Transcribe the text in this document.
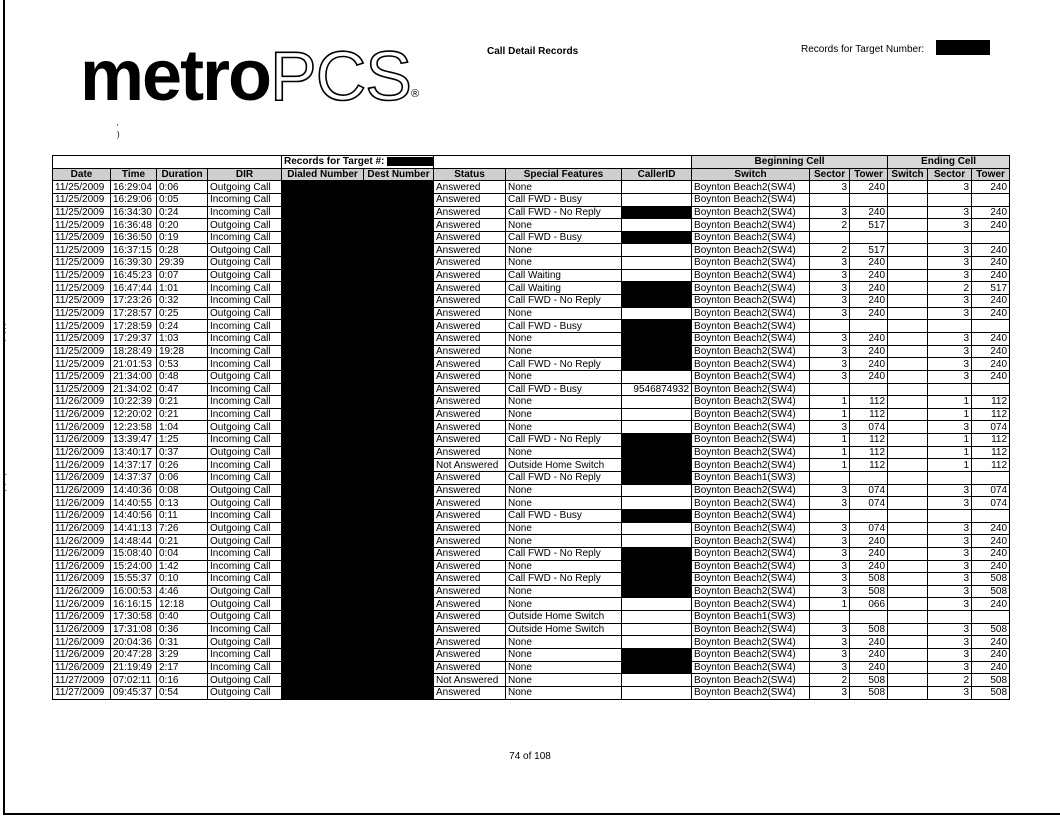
metroPCS®
Call Detail Records	Records for Target Number:
'
)
.
:
.
-
.
-
				Records for Target #:					Beginning Cell			Ending Cell		
Date	Time	Duration	DIR	Dialed Number	Dest Number	Status	Special Features	CallerID	Switch	Sector	Tower	Switch	Sector	Tower
11/25/2009	16:29:04	0:06	Outgoing Call			Answered	None		Boynton Beach2(SW4)	3	240		3	240
11/25/2009	16:29:06	0:05	Incoming Call			Answered	Call FWD - Busy		Boynton Beach2(SW4)					
11/25/2009	16:34:30	0:24	Incoming Call			Answered	Call FWD - No Reply		Boynton Beach2(SW4)	3	240		3	240
11/25/2009	16:36:48	0:20	Outgoing Call			Answered	None		Boynton Beach2(SW4)	2	517		3	240
11/25/2009	16:36:50	0:19	Incoming Call			Answered	Call FWD - Busy		Boynton Beach2(SW4)					
11/25/2009	16:37:15	0:28	Outgoing Call			Answered	None		Boynton Beach2(SW4)	2	517		3	240
11/25/2009	16:39:30	29:39	Outgoing Call			Answered	None		Boynton Beach2(SW4)	3	240		3	240
11/25/2009	16:45:23	0:07	Outgoing Call			Answered	Call Waiting		Boynton Beach2(SW4)	3	240		3	240
11/25/2009	16:47:44	1:01	Incoming Call			Answered	Call Waiting		Boynton Beach2(SW4)	3	240		2	517
11/25/2009	17:23:26	0:32	Incoming Call			Answered	Call FWD - No Reply		Boynton Beach2(SW4)	3	240		3	240
11/25/2009	17:28:57	0:25	Outgoing Call			Answered	None		Boynton Beach2(SW4)	3	240		3	240
11/25/2009	17:28:59	0:24	Incoming Call			Answered	Call FWD - Busy		Boynton Beach2(SW4)					
11/25/2009	17:29:37	1:03	Incoming Call			Answered	None		Boynton Beach2(SW4)	3	240		3	240
11/25/2009	18:28:49	19:28	Incoming Call			Answered	None		Boynton Beach2(SW4)	3	240		3	240
11/25/2009	21:01:53	0:53	Incoming Call			Answered	Call FWD - No Reply		Boynton Beach2(SW4)	3	240		3	240
11/25/2009	21:34:00	0:48	Outgoing Call			Answered	None		Boynton Beach2(SW4)	3	240		3	240
11/25/2009	21:34:02	0:47	Incoming Call			Answered	Call FWD - Busy	9546874932	Boynton Beach2(SW4)					
11/26/2009	10:22:39	0:21	Incoming Call			Answered	None		Boynton Beach2(SW4)	1	112		1	112
11/26/2009	12:20:02	0:21	Incoming Call			Answered	None		Boynton Beach2(SW4)	1	112		1	112
11/26/2009	12:23:58	1:04	Outgoing Call			Answered	None		Boynton Beach2(SW4)	3	074		3	074
11/26/2009	13:39:47	1:25	Incoming Call			Answered	Call FWD - No Reply		Boynton Beach2(SW4)	1	112		1	112
11/26/2009	13:40:17	0:37	Outgoing Call			Answered	None		Boynton Beach2(SW4)	1	112		1	112
11/26/2009	14:37:17	0:26	Incoming Call			Not Answered	Outside Home Switch		Boynton Beach2(SW4)	1	112		1	112
11/26/2009	14:37:37	0:06	Incoming Call			Answered	Call FWD - No Reply		Boynton Beach1(SW3)					
11/26/2009	14:40:36	0:08	Outgoing Call			Answered	None		Boynton Beach2(SW4)	3	074		3	074
11/26/2009	14:40:55	0:13	Outgoing Call			Answered	None		Boynton Beach2(SW4)	3	074		3	074
11/26/2009	14:40:56	0:11	Incoming Call			Answered	Call FWD - Busy		Boynton Beach2(SW4)					
11/26/2009	14:41:13	7:26	Outgoing Call			Answered	None		Boynton Beach2(SW4)	3	074		3	240
11/26/2009	14:48:44	0:21	Outgoing Call			Answered	None		Boynton Beach2(SW4)	3	240		3	240
11/26/2009	15:08:40	0:04	Incoming Call			Answered	Call FWD - No Reply		Boynton Beach2(SW4)	3	240		3	240
11/26/2009	15:24:00	1:42	Incoming Call			Answered	None		Boynton Beach2(SW4)	3	240		3	240
11/26/2009	15:55:37	0:10	Incoming Call			Answered	Call FWD - No Reply		Boynton Beach2(SW4)	3	508		3	508
11/26/2009	16:00:53	4:46	Outgoing Call			Answered	None		Boynton Beach2(SW4)	3	508		3	508
11/26/2009	16:16:15	12:18	Outgoing Call			Answered	None		Boynton Beach2(SW4)	1	066		3	240
11/26/2009	17:30:58	0:40	Outgoing Call			Answered	Outside Home Switch		Boynton Beach1(SW3)					
11/26/2009	17:31:08	0:36	Incoming Call			Answered	Outside Home Switch		Boynton Beach2(SW4)	3	508		3	508
11/26/2009	20:04:36	0:31	Outgoing Call			Answered	None		Boynton Beach2(SW4)	3	240		3	240
11/26/2009	20:47:28	3:29	Incoming Call			Answered	None		Boynton Beach2(SW4)	3	240		3	240
11/26/2009	21:19:49	2:17	Incoming Call			Answered	None		Boynton Beach2(SW4)	3	240		3	240
11/27/2009	07:02:11	0:16	Outgoing Call			Not Answered	None		Boynton Beach2(SW4)	2	508		2	508
11/27/2009	09:45:37	0:54	Outgoing Call			Answered	None		Boynton Beach2(SW4)	3	508		3	508
74 of 108
